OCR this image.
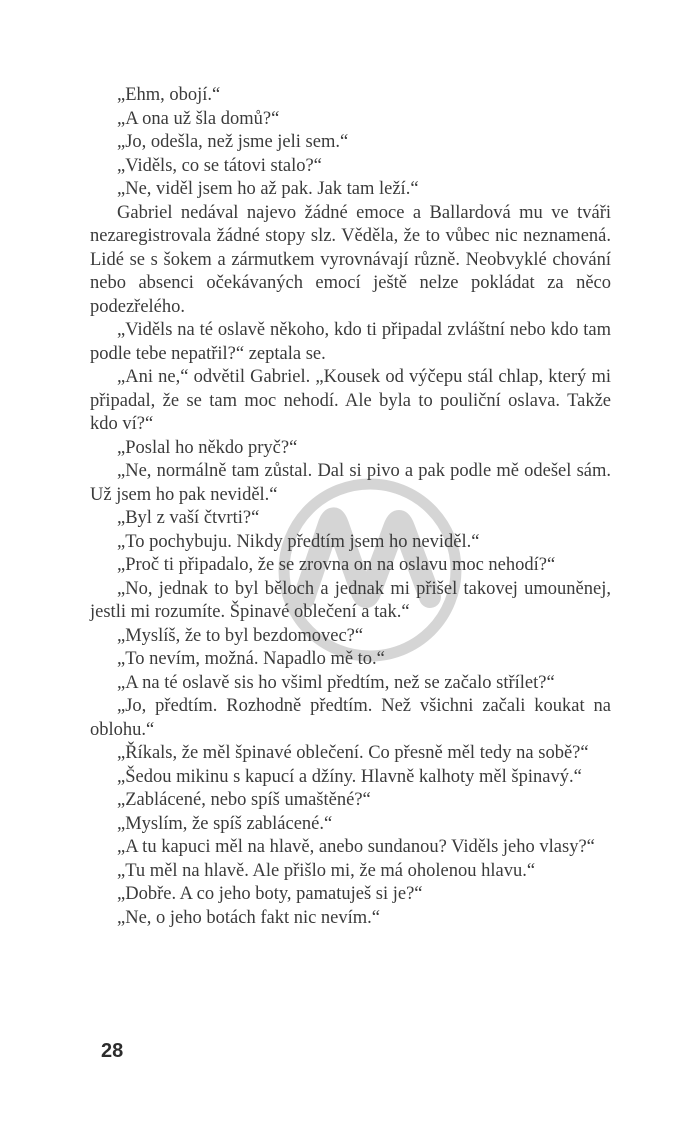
„Ehm, obojí.“

„A ona už šla domů?“

„Jo, odešla, než jsme jeli sem.“

„Viděls, co se tátovi stalo?“

„Ne, viděl jsem ho až pak. Jak tam leží.“

Gabriel nedával najevo žádné emoce a Ballardová mu ve tváři nezaregistrovala žádné stopy slz. Věděla, že to vůbec nic neznamená. Lidé se s šokem a zármutkem vyrovnávají různě. Neobvyklé chování nebo absenci očekávaných emocí ještě nelze pokládat za něco podezřelého.

„Viděls na té oslavě někoho, kdo ti připadal zvláštní nebo kdo tam podle tebe nepatřil?“ zeptala se.

„Ani ne,“ odvětil Gabriel. „Kousek od výčepu stál chlap, který mi připadal, že se tam moc nehodí. Ale byla to pouliční oslava. Takže kdo ví?“

„Poslal ho někdo pryč?“

„Ne, normálně tam zůstal. Dal si pivo a pak podle mě odešel sám. Už jsem ho pak neviděl.“

„Byl z vaší čtvrti?“

„To pochybuju. Nikdy předtím jsem ho neviděl.“

„Proč ti připadalo, že se zrovna on na oslavu moc nehodí?“

„No, jednak to byl běloch a jednak mi přišel takovej umouněnej, jestli mi rozumíte. Špinavé oblečení a tak.“

„Myslíš, že to byl bezdomovec?“

„To nevím, možná. Napadlo mě to.“

„A na té oslavě sis ho všiml předtím, než se začalo střílet?“

„Jo, předtím. Rozhodně předtím. Než všichni začali koukat na oblohu.“

„Říkals, že měl špinavé oblečení. Co přesně měl tedy na sobě?“

„Šedou mikinu s kapucí a džíny. Hlavně kalhoty měl špinavý.“

„Zablácené, nebo spíš umaštěné?“

„Myslím, že spíš zablácené.“

„A tu kapuci měl na hlavě, anebo sundanou? Viděls jeho vlasy?“

„Tu měl na hlavě. Ale přišlo mi, že má oholenou hlavu.“

„Dobře. A co jeho boty, pamatuješ si je?“

„Ne, o jeho botách fakt nic nevím.“

28
